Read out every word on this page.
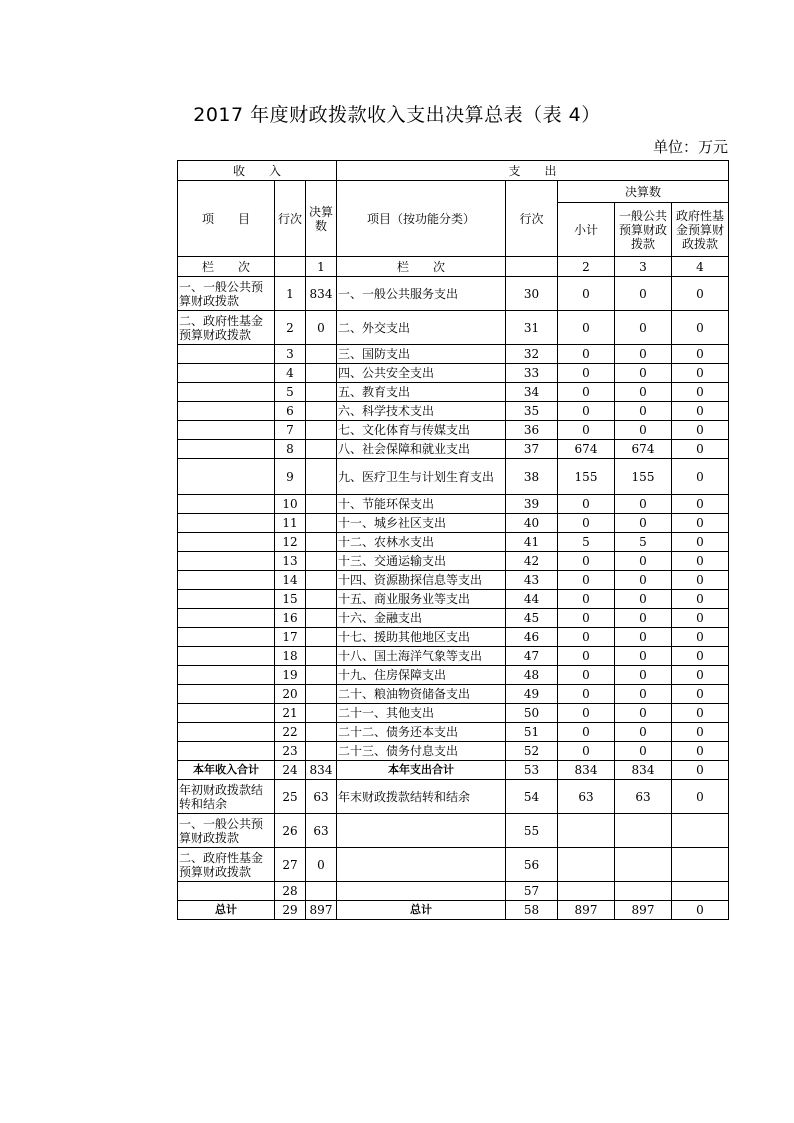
2017 年度财政拨款收入支出决算总表（表 4）
单位：万元
收　　入			支　　出				
项　　目	行次	决算数	项目（按功能分类）	行次	决算数		
					小计	一般公共预算财政拨款	政府性基金预算财政拨款
栏　　次		1	栏　　次		2	3	4
一、一般公共预算财政拨款	1	834	一、一般公共服务支出	30	0	0	0
二、政府性基金预算财政拨款	2	0	二、外交支出	31	0	0	0
	3		三、国防支出	32	0	0	0
	4		四、公共安全支出	33	0	0	0
	5		五、教育支出	34	0	0	0
	6		六、科学技术支出	35	0	0	0
	7		七、文化体育与传媒支出	36	0	0	0
	8		八、社会保障和就业支出	37	674	674	0
	9		九、医疗卫生与计划生育支出	38	155	155	0
	10		十、节能环保支出	39	0	0	0
	11		十一、城乡社区支出	40	0	0	0
	12		十二、农林水支出	41	5	5	0
	13		十三、交通运输支出	42	0	0	0
	14		十四、资源勘探信息等支出	43	0	0	0
	15		十五、商业服务业等支出	44	0	0	0
	16		十六、金融支出	45	0	0	0
	17		十七、援助其他地区支出	46	0	0	0
	18		十八、国土海洋气象等支出	47	0	0	0
	19		十九、住房保障支出	48	0	0	0
	20		二十、粮油物资储备支出	49	0	0	0
	21		二十一、其他支出	50	0	0	0
	22		二十二、债务还本支出	51	0	0	0
	23		二十三、债务付息支出	52	0	0	0
本年收入合计	24	834	本年支出合计	53	834	834	0
年初财政拨款结转和结余	25	63	年末财政拨款结转和结余	54	63	63	0
一、一般公共预算财政拨款	26	63		55			
二、政府性基金预算财政拨款	27	0		56			
	28			57			
总计	29	897	总计	58	897	897	0
